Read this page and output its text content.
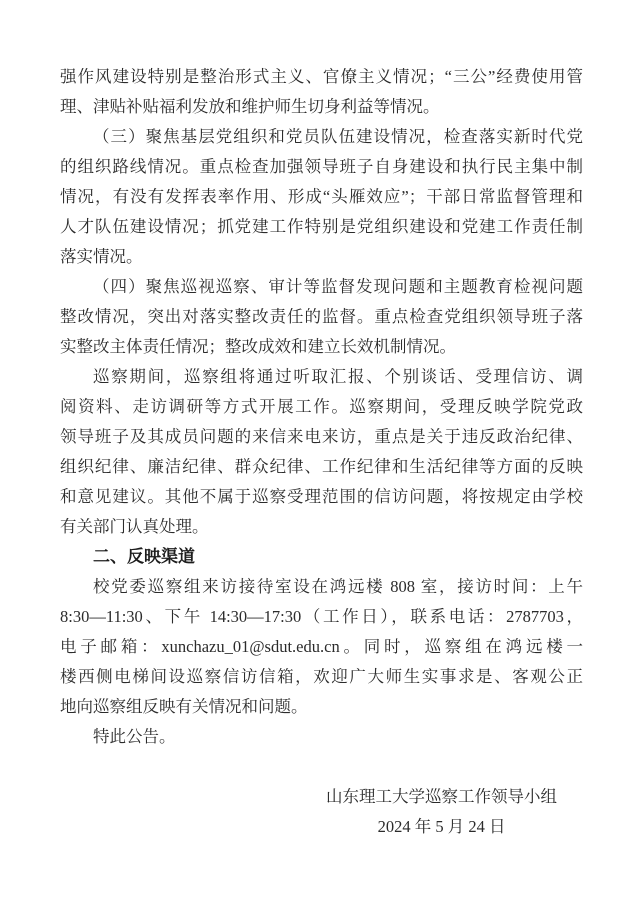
强作风建设特别是整治形式主义、官僚主义情况；“三公”经费使用管
理、津贴补贴福利发放和维护师生切身利益等情况。
（三）聚焦基层党组织和党员队伍建设情况，检查落实新时代党
的组织路线情况。重点检查加强领导班子自身建设和执行民主集中制
情况，有没有发挥表率作用、形成“头雁效应”；干部日常监督管理和
人才队伍建设情况；抓党建工作特别是党组织建设和党建工作责任制
落实情况。
（四）聚焦巡视巡察、审计等监督发现问题和主题教育检视问题
整改情况，突出对落实整改责任的监督。重点检查党组织领导班子落
实整改主体责任情况；整改成效和建立长效机制情况。
巡察期间，巡察组将通过听取汇报、个别谈话、受理信访、调
阅资料、走访调研等方式开展工作。巡察期间，受理反映学院党政
领导班子及其成员问题的来信来电来访，重点是关于违反政治纪律、
组织纪律、廉洁纪律、群众纪律、工作纪律和生活纪律等方面的反映
和意见建议。其他不属于巡察受理范围的信访问题，将按规定由学校
有关部门认真处理。
二、反映渠道
校党委巡察组来访接待室设在鸿远楼 808 室，接访时间：上午
8:30—11:30、下午 14:30—17:30（工作日），联系电话：2787703，
电子邮箱：xunchazu_01@sdut.edu.cn。同时，巡察组在鸿远楼一
楼西侧电梯间设巡察信访信箱，欢迎广大师生实事求是、客观公正
地向巡察组反映有关情况和问题。
特此公告。
山东理工大学巡察工作领导小组
2024 年 5 月 24 日
